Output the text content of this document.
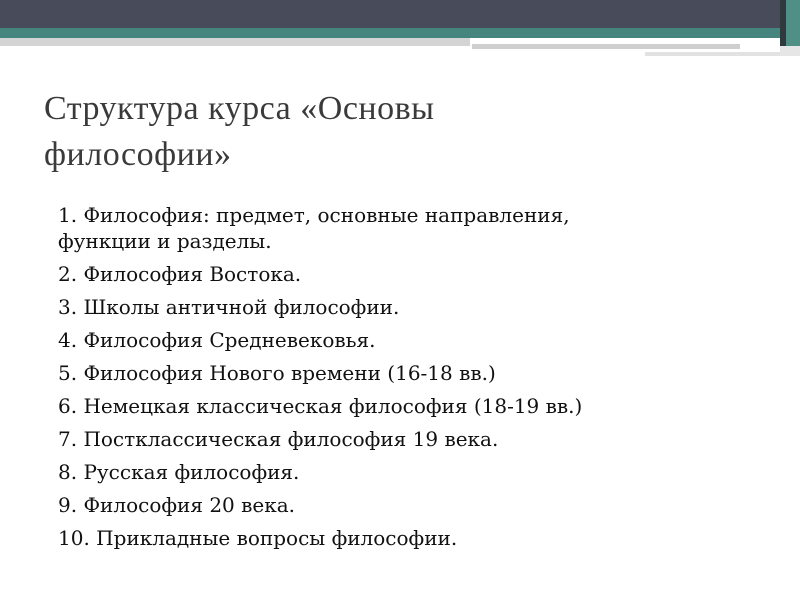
Структура курса «Основы
философии»
1. Философия: предмет, основные направления,
функции и разделы.
2. Философия Востока.
3. Школы античной философии.
4. Философия Средневековья.
5. Философия Нового времени (16-18 вв.)
6. Немецкая классическая философия (18-19 вв.)
7. Постклассическая философия 19 века.
8. Русская философия.
9. Философия 20 века.
10. Прикладные вопросы философии.
